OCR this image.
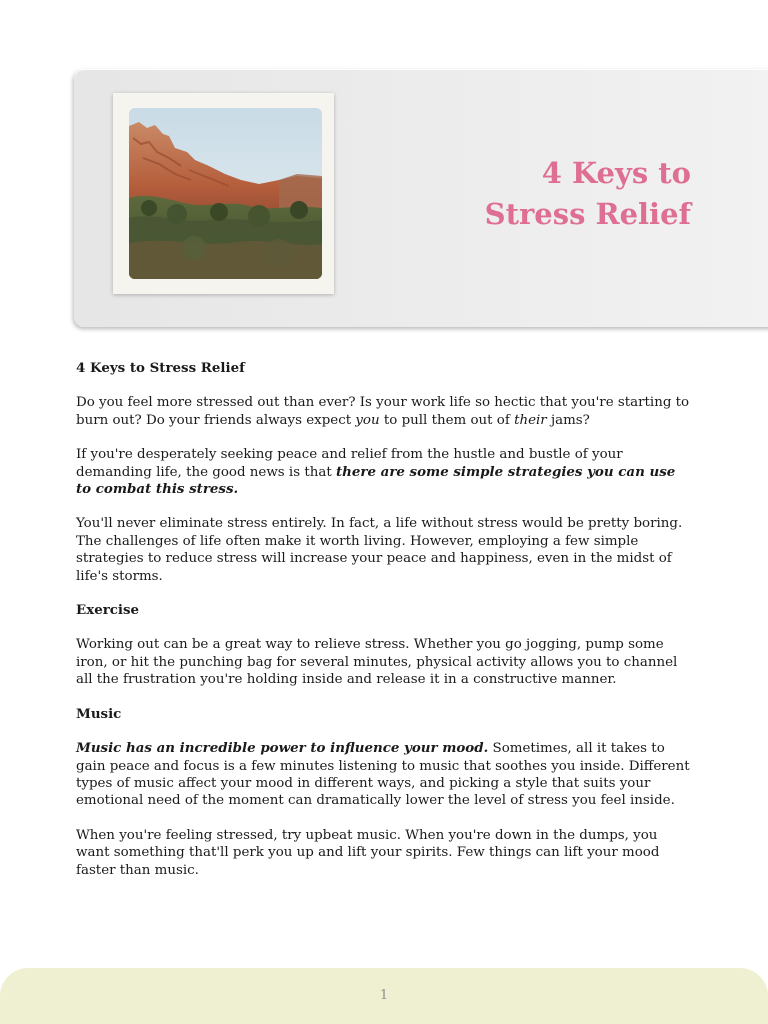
4 Keys to
Stress Relief
4 Keys to Stress Relief

Do you feel more stressed out than ever? Is your work life so hectic that you're starting to burn out? Do your friends always expect you to pull them out of their jams?

If you're desperately seeking peace and relief from the hustle and bustle of your demanding life, the good news is that there are some simple strategies you can use to combat this stress.

You'll never eliminate stress entirely. In fact, a life without stress would be pretty boring. The challenges of life often make it worth living. However, employing a few simple strategies to reduce stress will increase your peace and happiness, even in the midst of life's storms.

Exercise

Working out can be a great way to relieve stress. Whether you go jogging, pump some iron, or hit the punching bag for several minutes, physical activity allows you to channel all the frustration you're holding inside and release it in a constructive manner.

Music

Music has an incredible power to influence your mood. Sometimes, all it takes to gain peace and focus is a few minutes listening to music that soothes you inside. Different types of music affect your mood in different ways, and picking a style that suits your emotional need of the moment can dramatically lower the level of stress you feel inside.

When you're feeling stressed, try upbeat music. When you're down in the dumps, you want something that'll perk you up and lift your spirits. Few things can lift your mood faster than music.

1
